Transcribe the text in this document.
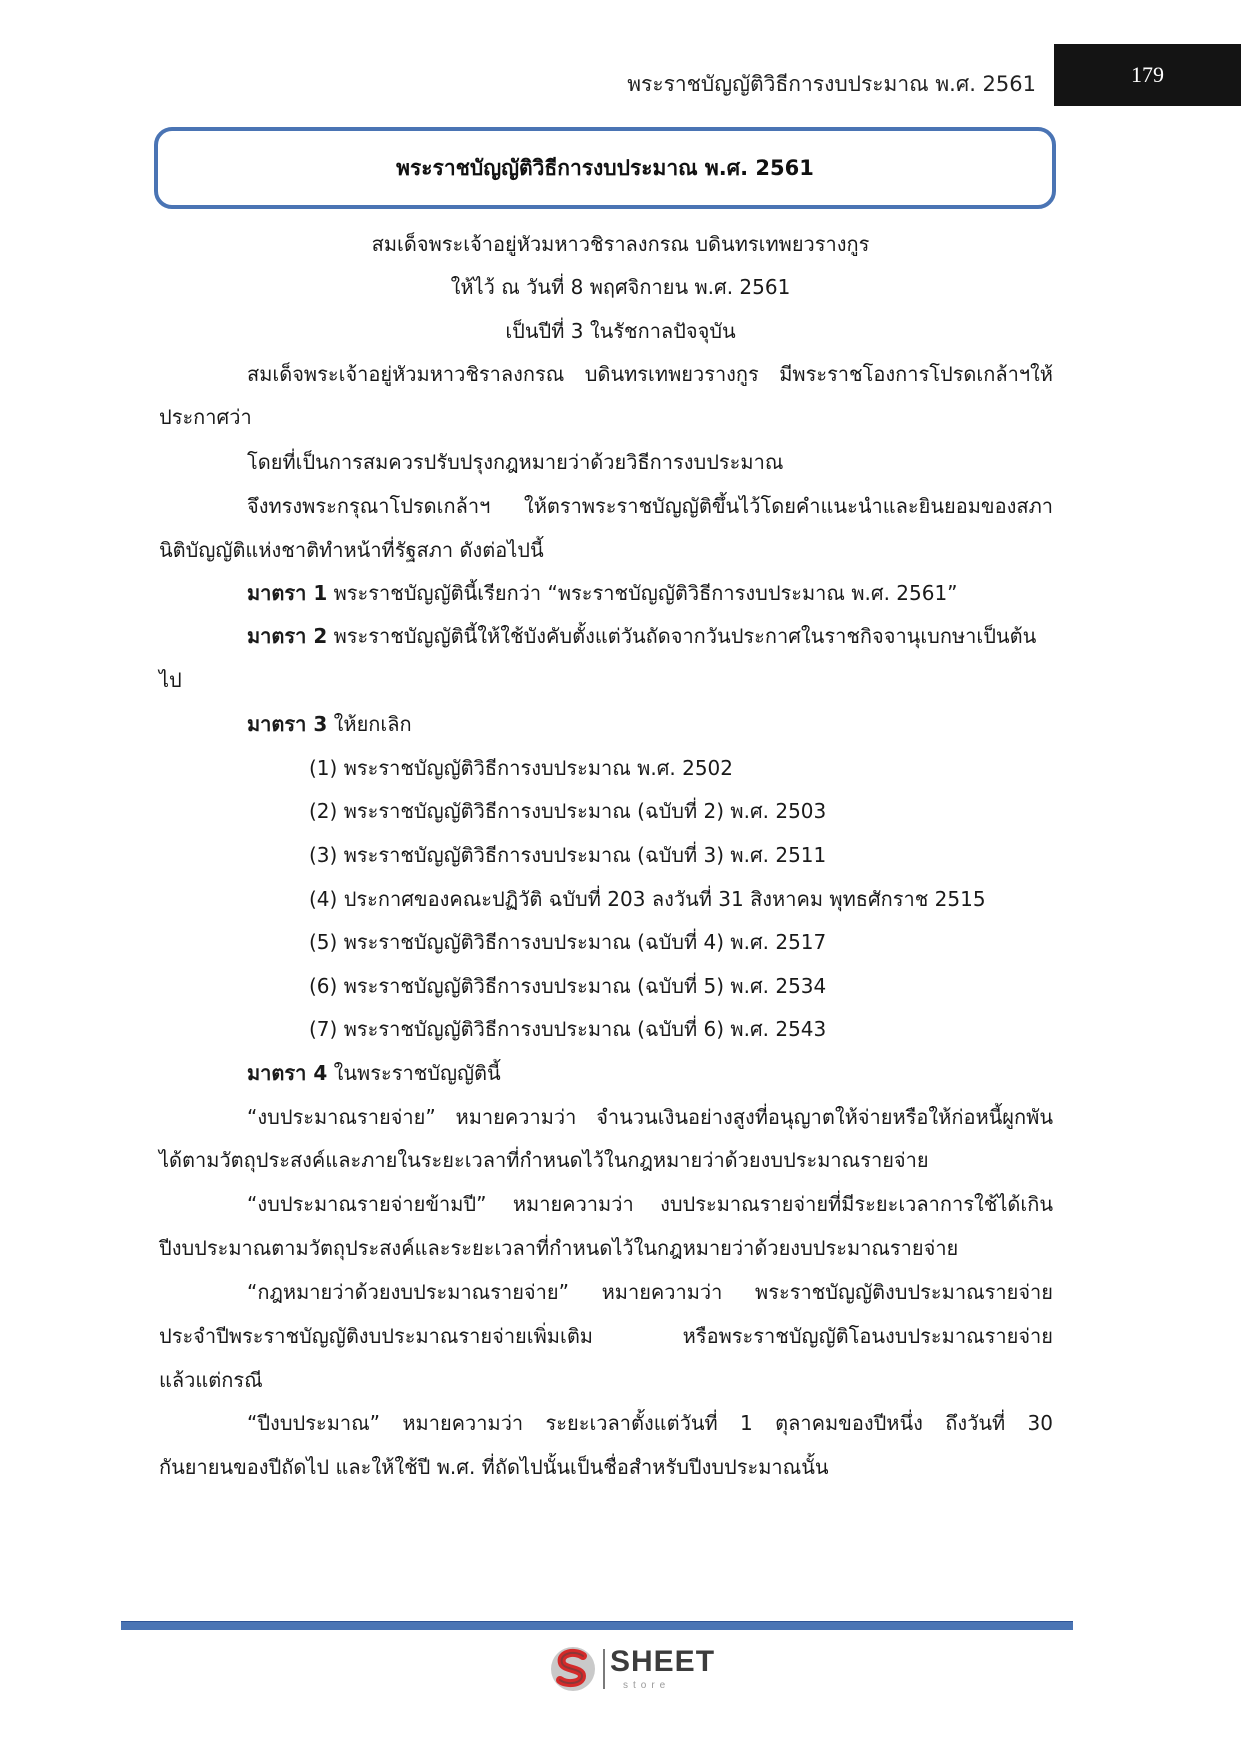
พระราชบัญญัติวิธีการงบประมาณ พ.ศ. 2561	179
พระราชบัญญัติวิธีการงบประมาณ พ.ศ. 2561
สมเด็จพระเจ้าอยู่หัวมหาวชิราลงกรณ บดินทรเทพยวรางกูร
ให้ไว้ ณ วันที่ 8 พฤศจิกายน พ.ศ. 2561
เป็นปีที่ 3 ในรัชกาลปัจจุบัน
สมเด็จพระเจ้าอยู่หัวมหาวชิราลงกรณ บดินทรเทพยวรางกูร มีพระราชโองการโปรดเกล้าฯให้
ประกาศว่า
โดยที่เป็นการสมควรปรับปรุงกฎหมายว่าด้วยวิธีการงบประมาณ
จึงทรงพระกรุณาโปรดเกล้าฯ ให้ตราพระราชบัญญัติขึ้นไว้โดยคำแนะนำและยินยอมของสภา
นิติบัญญัติแห่งชาติทำหน้าที่รัฐสภา ดังต่อไปนี้
มาตรา 1 พระราชบัญญัตินี้เรียกว่า “พระราชบัญญัติวิธีการงบประมาณ พ.ศ. 2561”
มาตรา 2 พระราชบัญญัตินี้ให้ใช้บังคับตั้งแต่วันถัดจากวันประกาศในราชกิจจานุเบกษาเป็นต้น
ไป
มาตรา 3 ให้ยกเลิก
(1) พระราชบัญญัติวิธีการงบประมาณ พ.ศ. 2502
(2) พระราชบัญญัติวิธีการงบประมาณ (ฉบับที่ 2) พ.ศ. 2503
(3) พระราชบัญญัติวิธีการงบประมาณ (ฉบับที่ 3) พ.ศ. 2511
(4) ประกาศของคณะปฏิวัติ ฉบับที่ 203 ลงวันที่ 31 สิงหาคม พุทธศักราช 2515
(5) พระราชบัญญัติวิธีการงบประมาณ (ฉบับที่ 4) พ.ศ. 2517
(6) พระราชบัญญัติวิธีการงบประมาณ (ฉบับที่ 5) พ.ศ. 2534
(7) พระราชบัญญัติวิธีการงบประมาณ (ฉบับที่ 6) พ.ศ. 2543
มาตรา 4 ในพระราชบัญญัตินี้
“งบประมาณรายจ่าย” หมายความว่า จำนวนเงินอย่างสูงที่อนุญาตให้จ่ายหรือให้ก่อหนี้ผูกพัน
ได้ตามวัตถุประสงค์และภายในระยะเวลาที่กำหนดไว้ในกฎหมายว่าด้วยงบประมาณรายจ่าย
“งบประมาณรายจ่ายข้ามปี” หมายความว่า งบประมาณรายจ่ายที่มีระยะเวลาการใช้ได้เกิน
ปีงบประมาณตามวัตถุประสงค์และระยะเวลาที่กำหนดไว้ในกฎหมายว่าด้วยงบประมาณรายจ่าย
“กฎหมายว่าด้วยงบประมาณรายจ่าย” หมายความว่า พระราชบัญญัติงบประมาณรายจ่าย
ประจำปีพระราชบัญญัติงบประมาณรายจ่ายเพิ่มเติม หรือพระราชบัญญัติโอนงบประมาณรายจ่าย
แล้วแต่กรณี
“ปีงบประมาณ” หมายความว่า ระยะเวลาตั้งแต่วันที่ 1 ตุลาคมของปีหนึ่ง ถึงวันที่ 30
กันยายนของปีถัดไป และให้ใช้ปี พ.ศ. ที่ถัดไปนั้นเป็นชื่อสำหรับปีงบประมาณนั้น
SHEET
store
